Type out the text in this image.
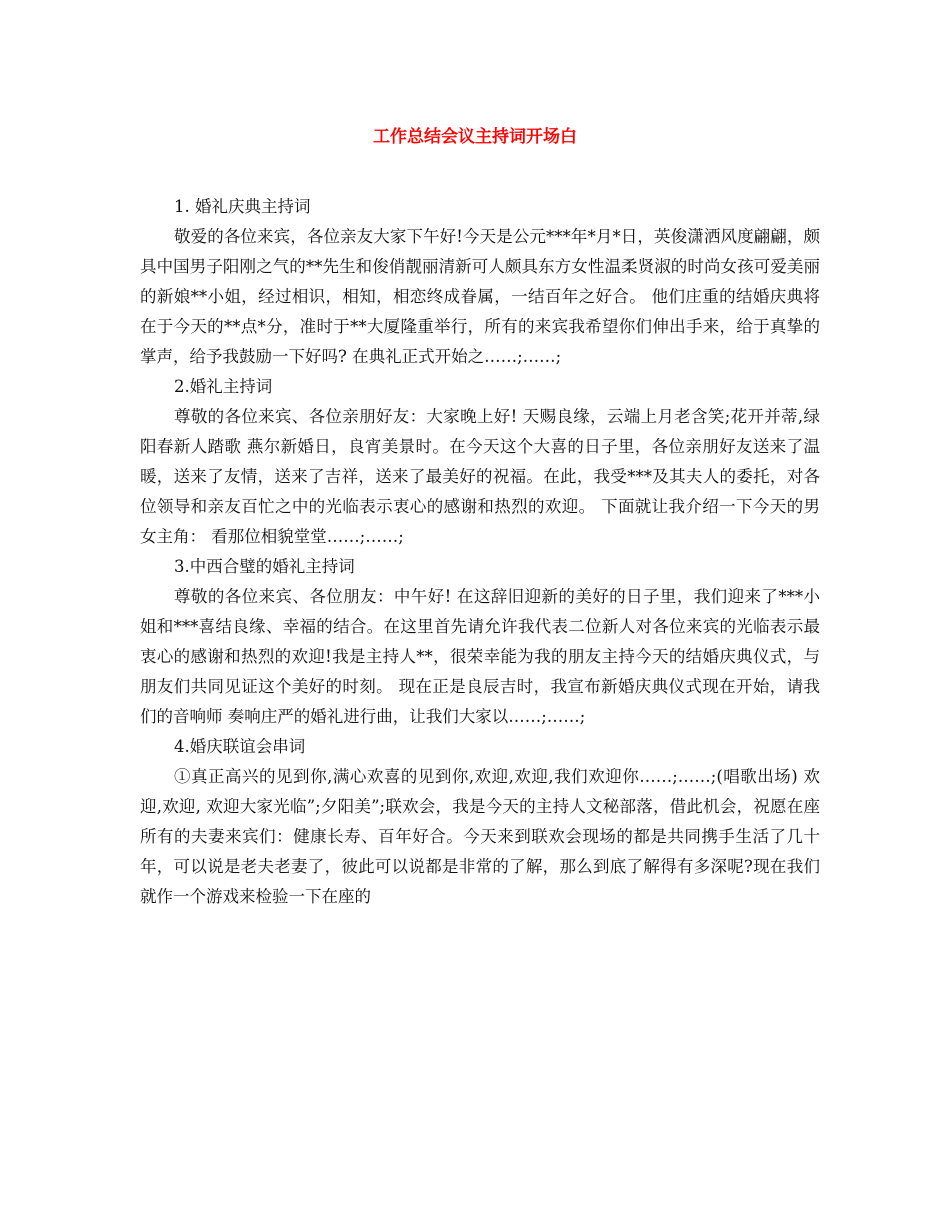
工作总结会议主持词开场白

1. 婚礼庆典主持词

敬爱的各位来宾，各位亲友大家下午好!今天是公元***年*月*日，英俊潇洒风度翩翩，颇具中国男子阳刚之气的**先生和俊俏靓丽清新可人颇具东方女性温柔贤淑的时尚女孩可爱美丽的新娘**小姐，经过相识，相知，相恋终成眷属，一结百年之好合。 他们庄重的结婚庆典将在于今天的**点*分，准时于**大厦隆重举行，所有的来宾我希望你们伸出手来，给于真挚的掌声，给予我鼓励一下好吗? 在典礼正式开始之……;……;

2.婚礼主持词

尊敬的各位来宾、各位亲朋好友：大家晚上好! 天赐良缘，云端上月老含笑;花开并蒂,绿阳春新人踏歌 燕尔新婚日，良宵美景时。在今天这个大喜的日子里，各位亲朋好友送来了温暖，送来了友情，送来了吉祥，送来了最美好的祝福。在此，我受***及其夫人的委托，对各位领导和亲友百忙之中的光临表示衷心的感谢和热烈的欢迎。 下面就让我介绍一下今天的男女主角： 看那位相貌堂堂……;……;

3.中西合璧的婚礼主持词

尊敬的各位来宾、各位朋友：中午好! 在这辞旧迎新的美好的日子里，我们迎来了***小姐和***喜结良缘、幸福的结合。在这里首先请允许我代表二位新人对各位来宾的光临表示最衷心的感谢和热烈的欢迎!我是主持人**，很荣幸能为我的朋友主持今天的结婚庆典仪式，与朋友们共同见证这个美好的时刻。 现在正是良辰吉时，我宣布新婚庆典仪式现在开始，请我们的音响师 奏响庄严的婚礼进行曲，让我们大家以……;……;

4.婚庆联谊会串词

①真正高兴的见到你,满心欢喜的见到你,欢迎,欢迎,我们欢迎你……;……;(唱歌出场) 欢迎,欢迎, 欢迎大家光临”;夕阳美”;联欢会，我是今天的主持人文秘部落，借此机会，祝愿在座所有的夫妻来宾们：健康长寿、百年好合。今天来到联欢会现场的都是共同携手生活了几十年，可以说是老夫老妻了，彼此可以说都是非常的了解，那么到底了解得有多深呢?现在我们就作一个游戏来检验一下在座的
